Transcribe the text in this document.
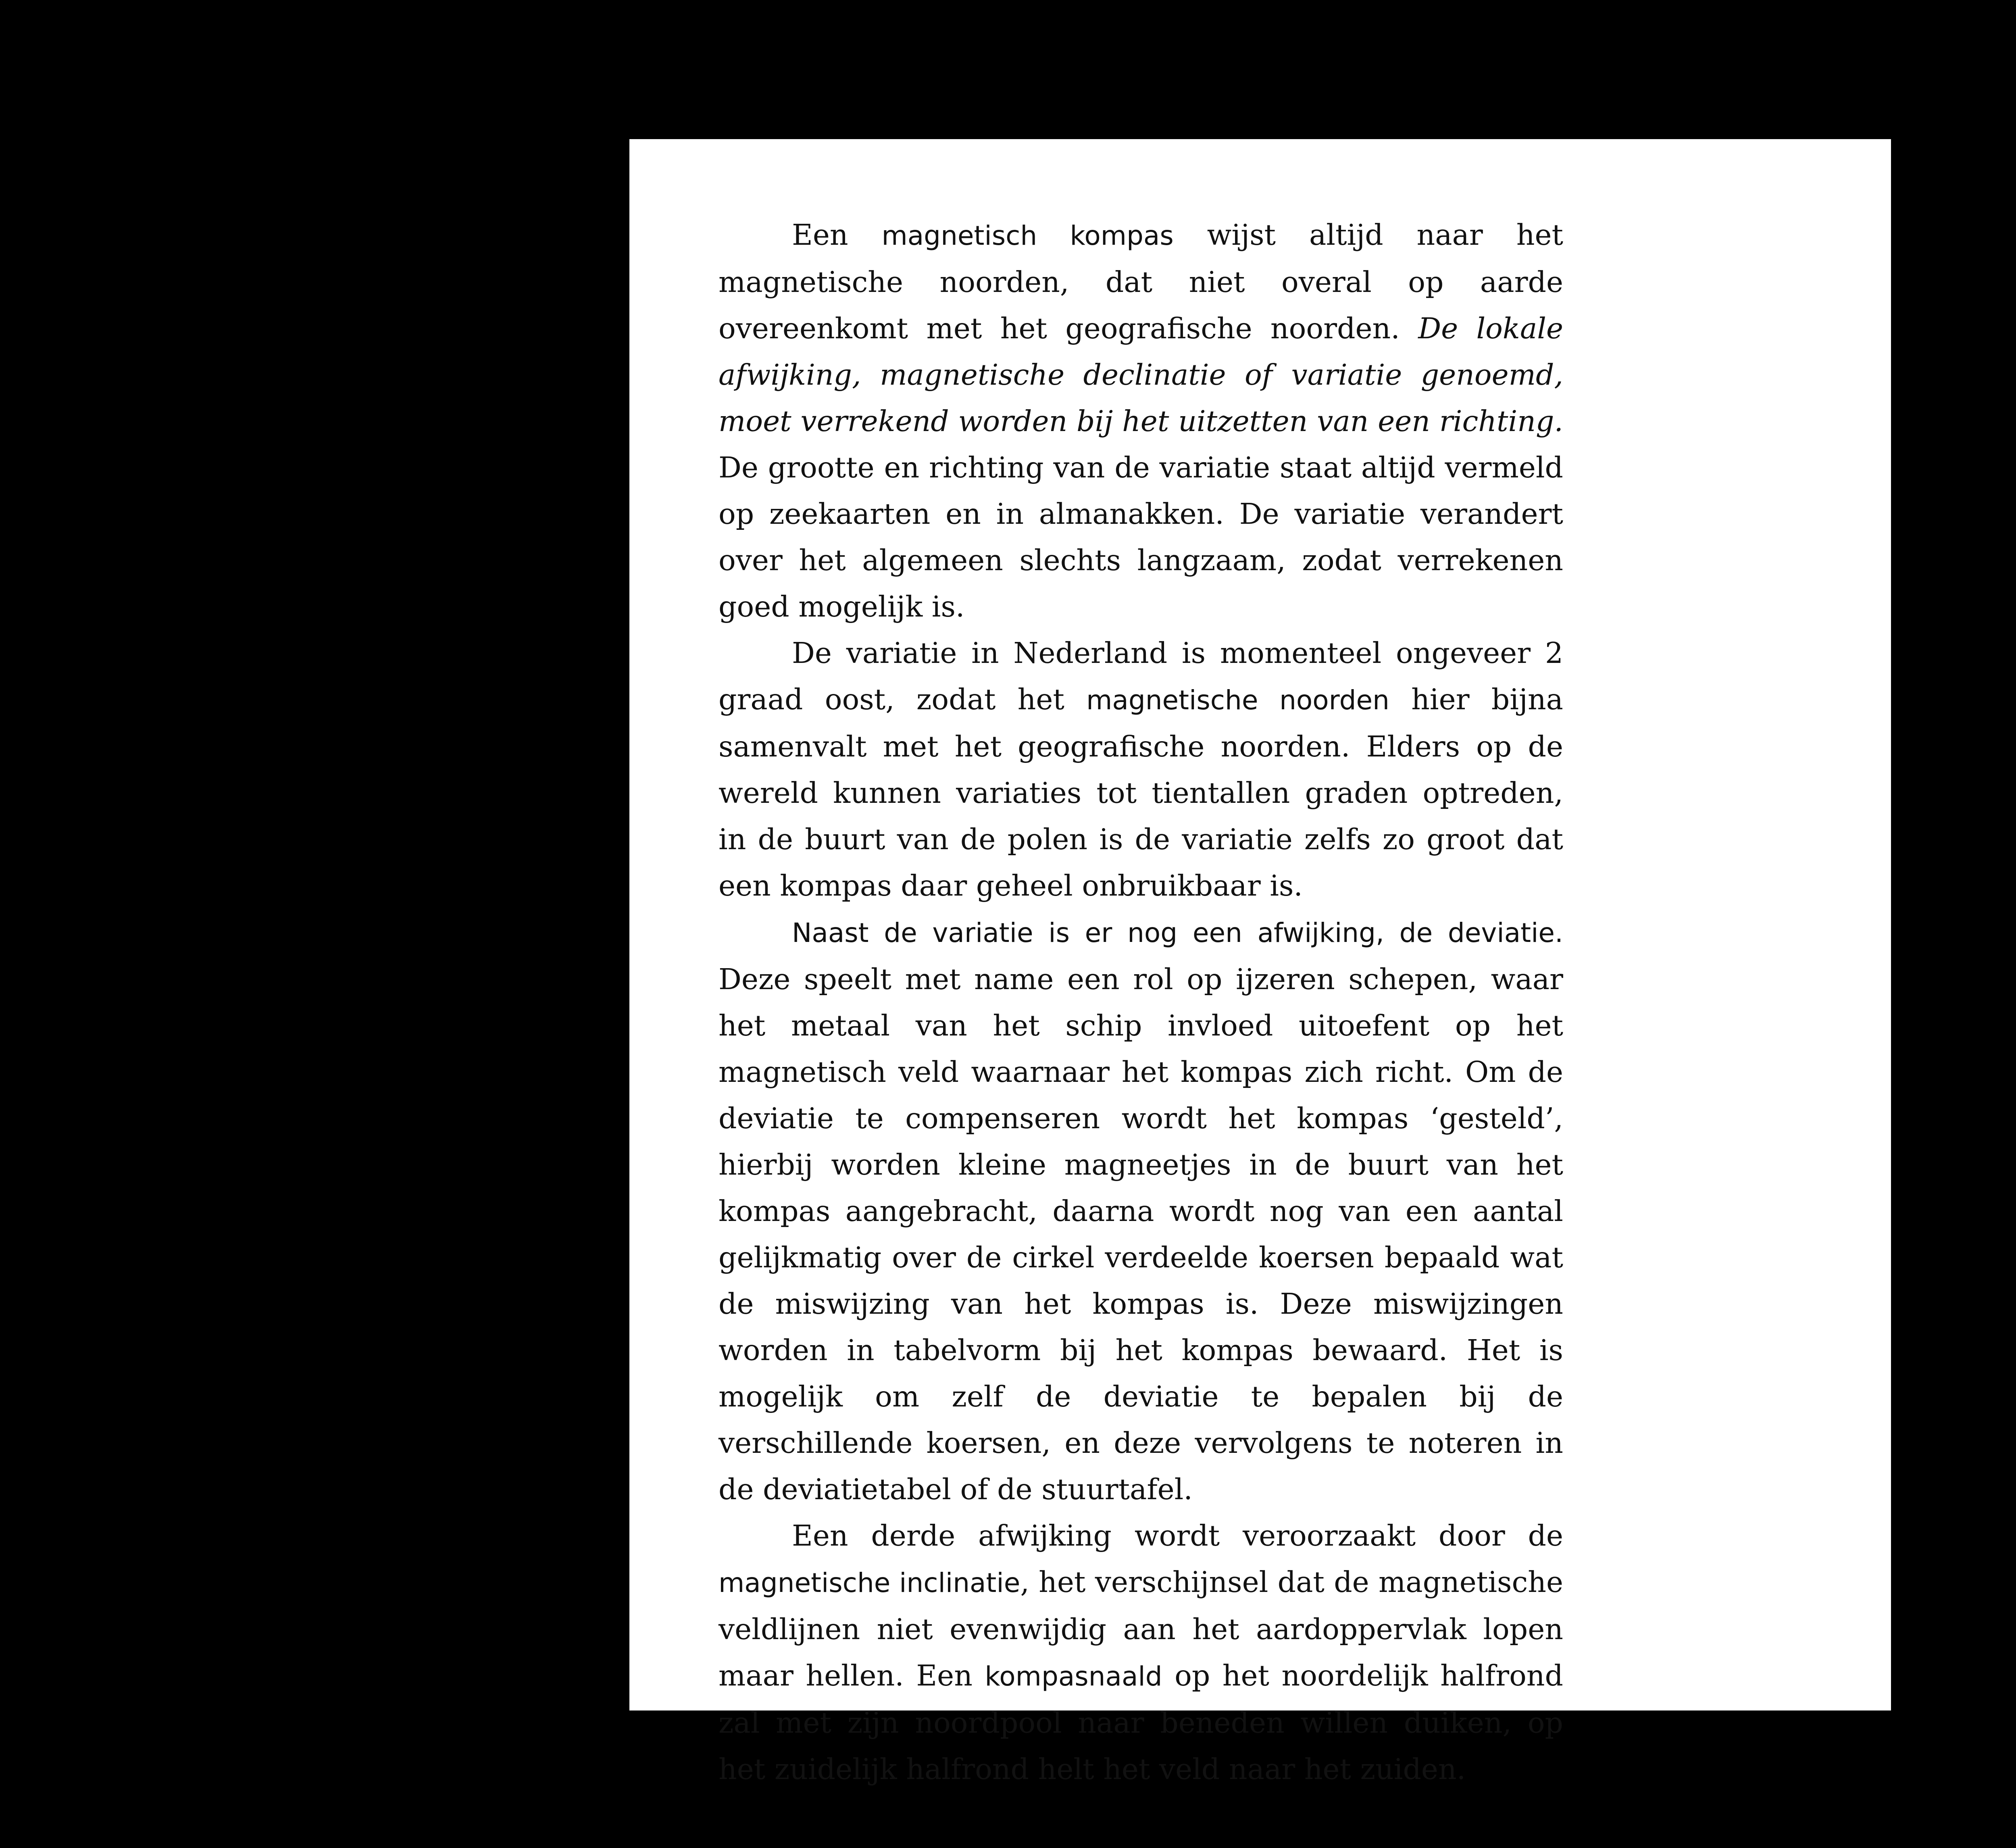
Een magnetisch kompas wijst altijd naar het magnetische noorden, dat niet overal op aarde overeenkomt met het geografische noorden. De lokale afwijking, magnetische declinatie of variatie genoemd, moet verrekend worden bij het uitzetten van een richting. De grootte en richting van de variatie staat altijd vermeld op zeekaarten en in almanakken. De variatie verandert over het algemeen slechts langzaam, zodat verrekenen goed mogelijk is.

De variatie in Nederland is momenteel ongeveer 2 graad oost, zodat het magnetische noorden hier bijna samenvalt met het geografische noorden. Elders op de wereld kunnen variaties tot tientallen graden optreden, in de buurt van de polen is de variatie zelfs zo groot dat een kompas daar geheel onbruikbaar is.

Naast de variatie is er nog een afwijking, de deviatie. Deze speelt met name een rol op ijzeren schepen, waar het metaal van het schip invloed uitoefent op het magnetisch veld waarnaar het kompas zich richt. Om de deviatie te compenseren wordt het kompas ‘gesteld’, hierbij worden kleine magneetjes in de buurt van het kompas aangebracht, daarna wordt nog van een aantal gelijkmatig over de cirkel verdeelde koersen bepaald wat de miswijzing van het kompas is. Deze miswijzingen worden in tabelvorm bij het kompas bewaard. Het is mogelijk om zelf de deviatie te bepalen bij de verschillende koersen, en deze vervolgens te noteren in de deviatietabel of de stuurtafel.

Een derde afwijking wordt veroorzaakt door de magnetische inclinatie, het verschijnsel dat de magnetische veldlijnen niet evenwijdig aan het aardoppervlak lopen maar hellen. Een kompasnaald op het noordelijk halfrond zal met zijn noordpool naar beneden willen duiken, op het zuidelijk halfrond helt het veld naar het zuiden.
